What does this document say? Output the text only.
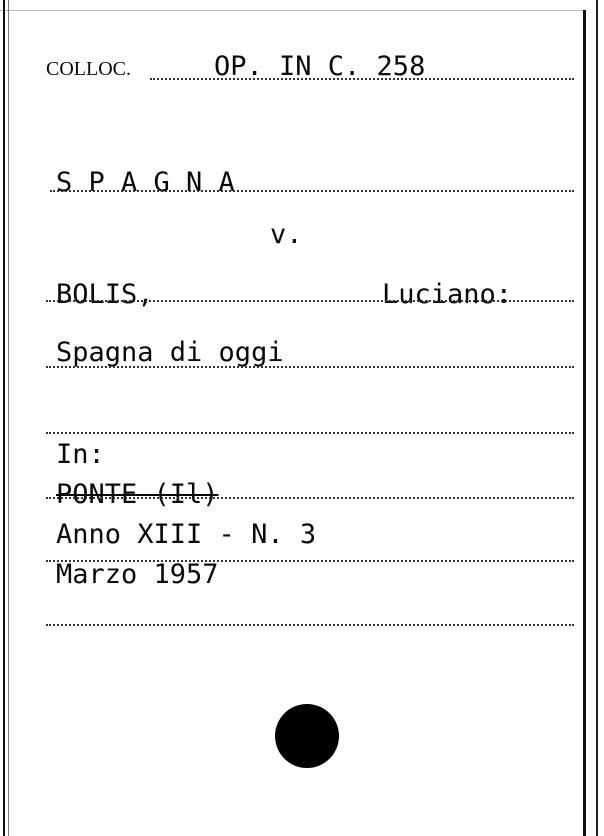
COLLOC.	OP. IN C. 258
S P A G N A
v.
BOLIS,	Luciano:
Spagna di oggi
In:
PONTE (Il)
Anno XIII - N. 3
Marzo 1957
